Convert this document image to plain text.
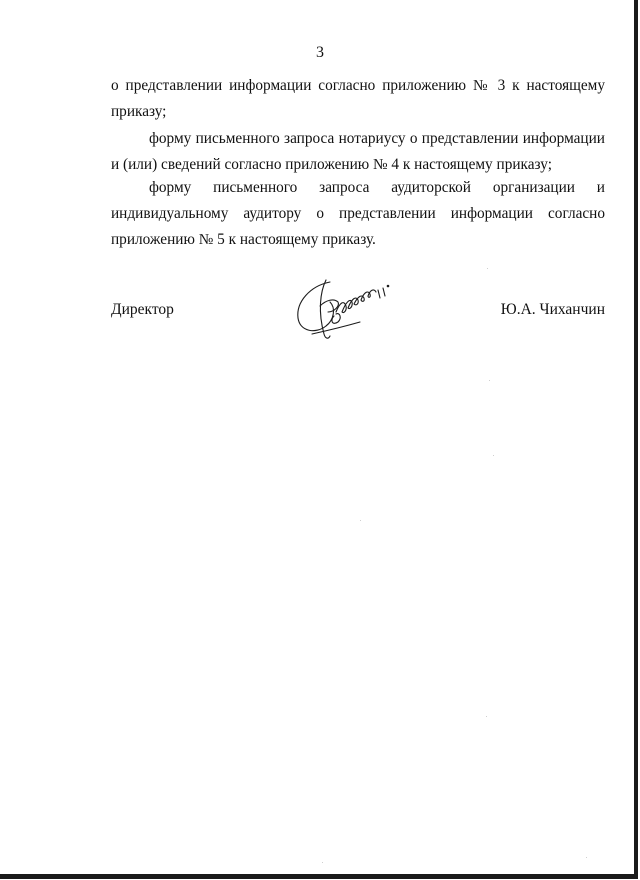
3

о представлении информации согласно приложению № 3 к настоящему приказу;

форму письменного запроса нотариусу о представлении информации и (или) сведений согласно приложению № 4 к настоящему приказу;

форму письменного запроса аудиторской организации и индивидуальному аудитору о представлении информации согласно приложению № 5 к настоящему приказу.

Директор	Ю.А. Чиханчин
